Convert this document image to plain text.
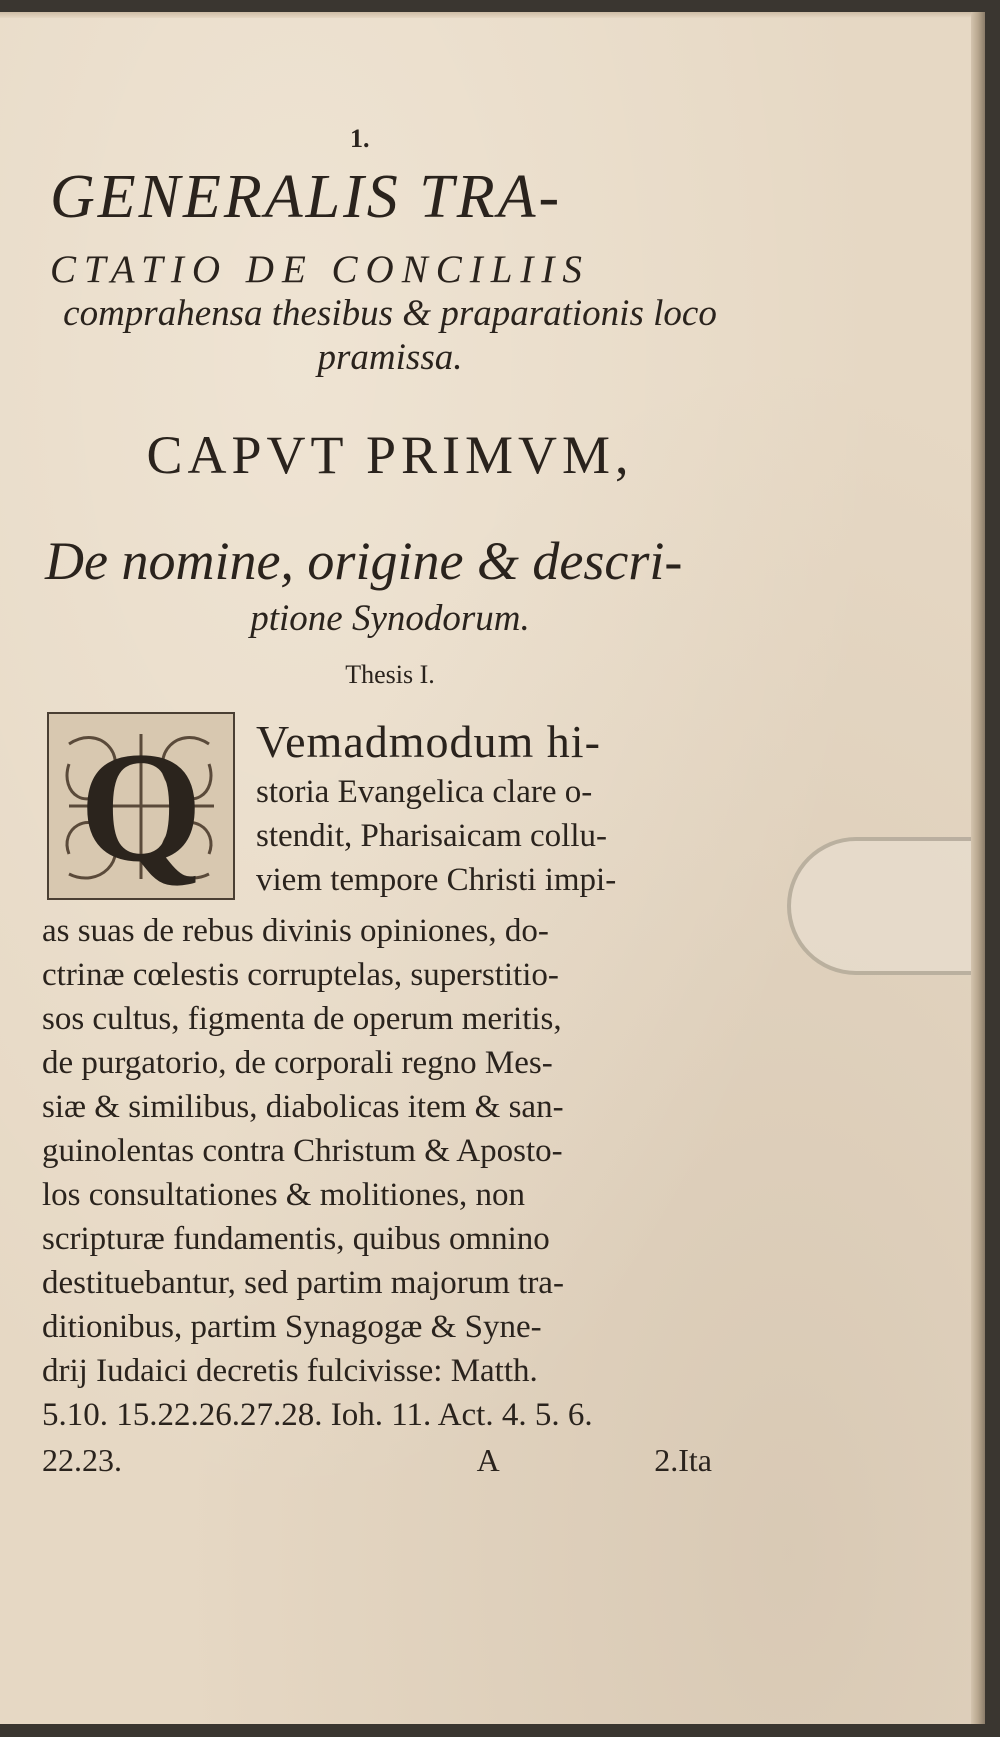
1.
GENERALIS TRA-
CTATIO DE CONCILIIS
comprahensa thesibus & praparationis loco pramissa.
CAPVT PRIMVM,
De nomine, origine & descri-
ptione Synodorum.
Thesis I.
Q	Vemadmodum hi-
storia Evangelica clare o-
stendit, Pharisaicam collu-
viem tempore Christi impi-
as suas de rebus divinis opiniones, do-
ctrinæ cœlestis corruptelas, superstitio-
sos cultus, figmenta de operum meritis,
de purgatorio, de corporali regno Mes-
siæ & similibus, diabolicas item & san-
guinolentas contra Christum & Aposto-
los consultationes & molitiones, non
scripturæ fundamentis, quibus omnino
destituebantur, sed partim majorum tra-
ditionibus, partim Synagogæ & Syne-
drij Iudaici decretis fulcivisse: Matth.
5.10. 15.22.26.27.28. Ioh. 11. Act. 4. 5. 6.
22.23.	A	2.Ita
